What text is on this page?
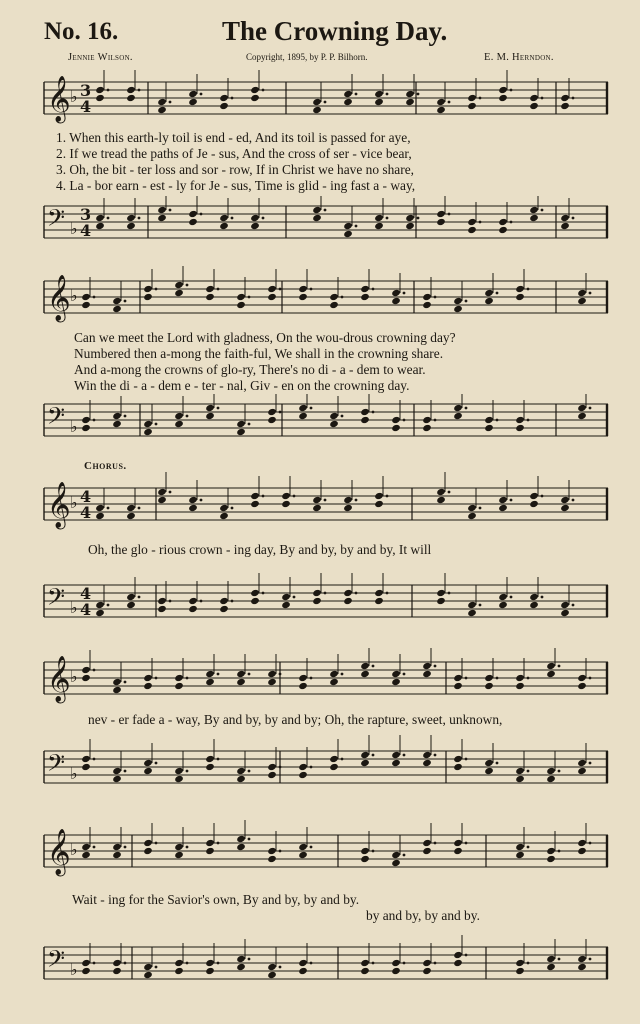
No. 16.	The Crowning Day.
Jennie Wilson.	Copyright, 1895, by P. P. Bilhorn.	E. M. Herndon.
𝄞 ♭ 3
4
1. When this earth-ly toil is end - ed, And its toil is passed for aye,
2. If we tread the paths of Je - sus, And the cross of ser - vice bear,
3. Oh, the bit - ter loss and sor - row, If in Christ we have no share,
4. La - bor earn - est - ly for Je - sus, Time is glid - ing fast a - way,
𝄢 ♭
3
4
𝄞 ♭
Can we meet the Lord with gladness, On the wou-drous crowning day?
Numbered then a-mong the faith-ful, We shall in the crowning share.
And a-mong the crowns of glo-ry, There's no di - a - dem to wear.
Win the di - a - dem e - ter - nal, Giv - en on the crowning day.
𝄢 ♭
Chorus.
𝄞 ♭ 4
4
Oh, the glo - rious crown - ing day, By and by, by and by, It will
𝄢 ♭
4
4
𝄞 ♭
nev - er fade a - way, By and by, by and by; Oh, the rapture, sweet, unknown,
𝄢 ♭
𝄞 ♭
Wait - ing for the Savior's own, By and by, by and by.
by and by, by and by.
𝄢 ♭
